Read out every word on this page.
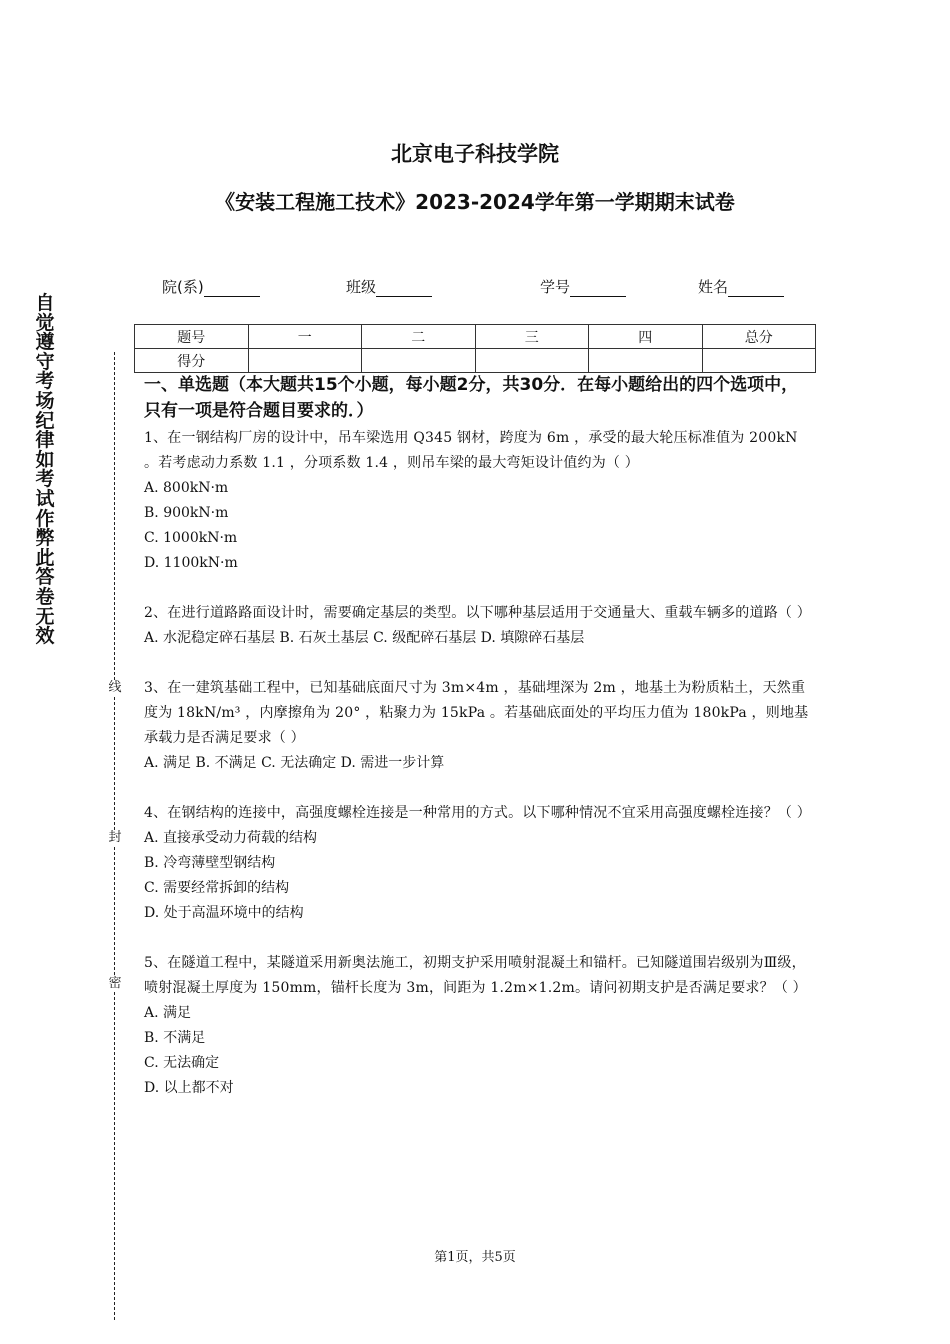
北京电子科技学院
《安装工程施工技术》2023-2024学年第一学期期末试卷
院(系)	班级	学号	姓名
题号	一	二	三	四	总分
得分					
自觉遵守考场纪律如考试作弊此答卷无效
线
封
密
一、单选题（本大题共15个小题，每小题2分，共30分．在每小题给出的四个选项中，只有一项是符合题目要求的．）
1、在一钢结构厂房的设计中，吊车梁选用 Q345 钢材，跨度为 6m ，承受的最大轮压标准值为 200kN 。若考虑动力系数 1.1 ，分项系数 1.4 ，则吊车梁的最大弯矩设计值约为（ ）
A. 800kN·m
B. 900kN·m
C. 1000kN·m
D. 1100kN·m
2、在进行道路路面设计时，需要确定基层的类型。以下哪种基层适用于交通量大、重载车辆多的道路（ ）
A. 水泥稳定碎石基层 B. 石灰土基层 C. 级配碎石基层 D. 填隙碎石基层
3、在一建筑基础工程中，已知基础底面尺寸为 3m×4m ，基础埋深为 2m ，地基土为粉质粘土，天然重度为 18kN/m³ ，内摩擦角为 20° ，粘聚力为 15kPa 。若基础底面处的平均压力值为 180kPa ，则地基承载力是否满足要求（ ）
A. 满足 B. 不满足 C. 无法确定 D. 需进一步计算
4、在钢结构的连接中，高强度螺栓连接是一种常用的方式。以下哪种情况不宜采用高强度螺栓连接？（ ）
A. 直接承受动力荷载的结构
B. 冷弯薄壁型钢结构
C. 需要经常拆卸的结构
D. 处于高温环境中的结构
5、在隧道工程中，某隧道采用新奥法施工，初期支护采用喷射混凝土和锚杆。已知隧道围岩级别为Ⅲ级，喷射混凝土厚度为 150mm，锚杆长度为 3m，间距为 1.2m×1.2m。请问初期支护是否满足要求？（ ）
A. 满足
B. 不满足
C. 无法确定
D. 以上都不对
第1页，共5页
